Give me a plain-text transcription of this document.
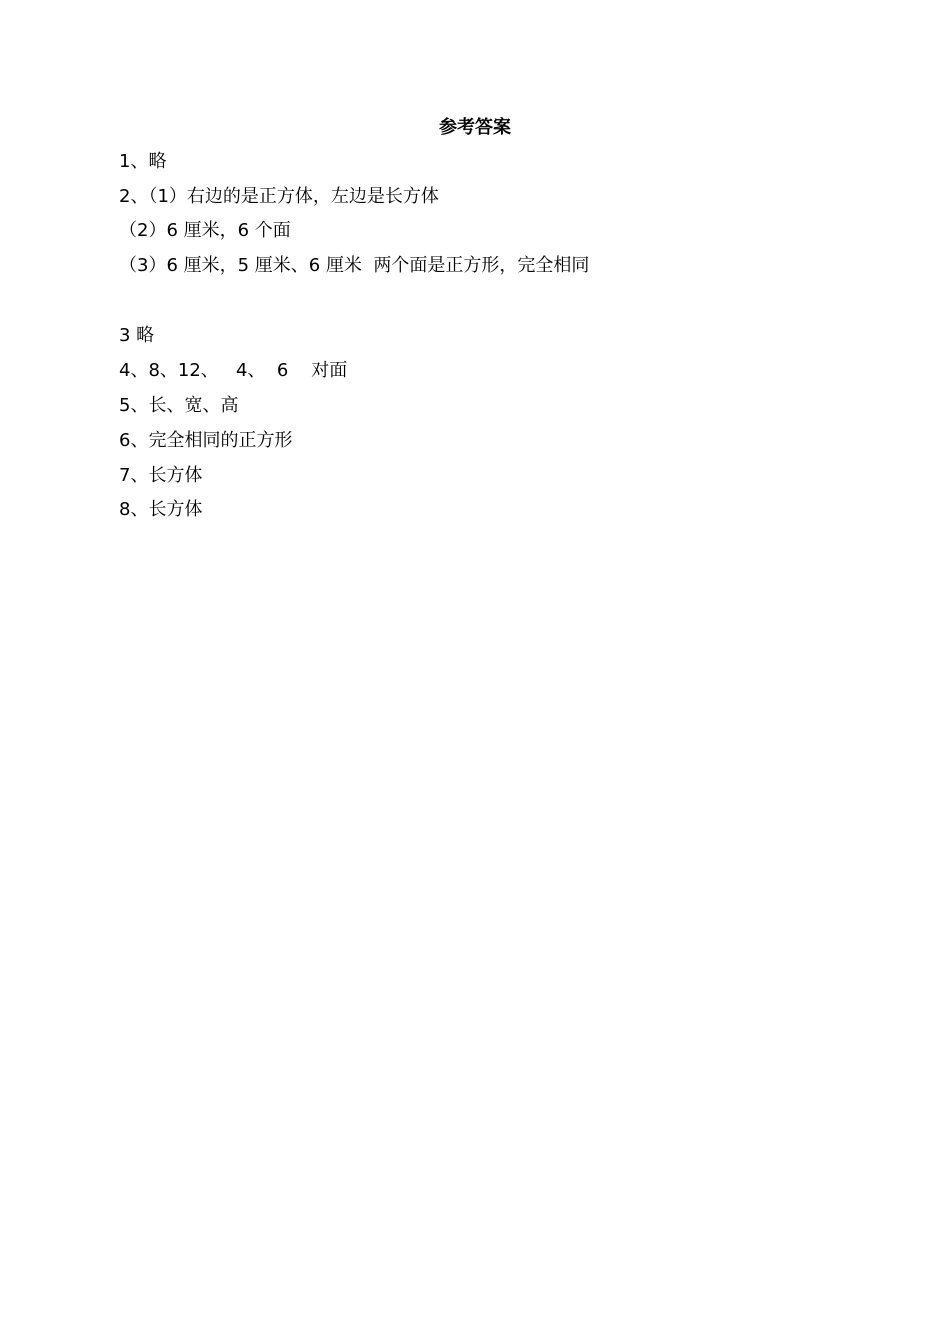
参考答案
1、略
2、（1）右边的是正方体，左边是长方体
（2）6 厘米，6 个面
（3）6 厘米，5 厘米、6 厘米  两个面是正方形，完全相同
3 略
4、8、12、   4、  6    对面
5、长、宽、高
6、完全相同的正方形
7、长方体
8、长方体
